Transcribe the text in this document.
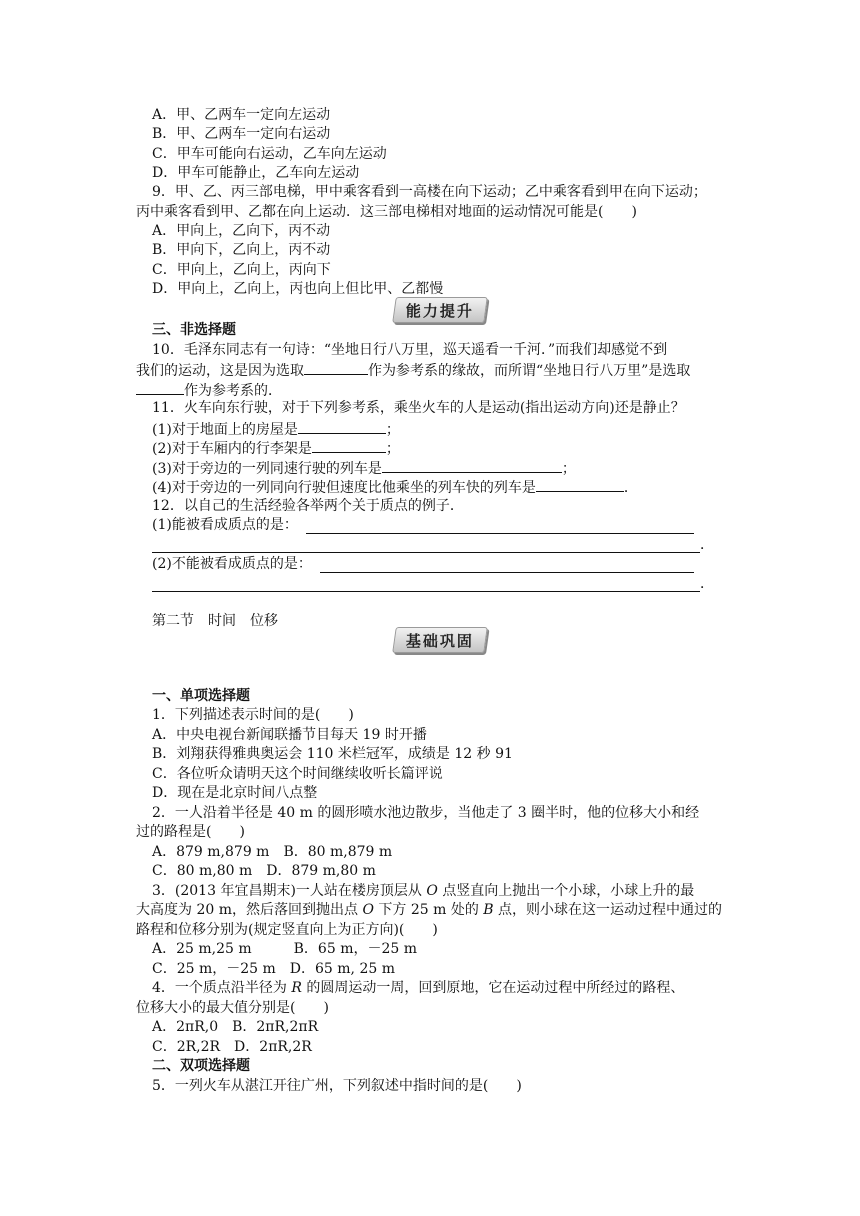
A．甲、乙两车一定向左运动
B．甲、乙两车一定向右运动
C．甲车可能向右运动，乙车向左运动
D．甲车可能静止，乙车向左运动
9．甲、乙、丙三部电梯，甲中乘客看到一高楼在向下运动；乙中乘客看到甲在向下运动；
丙中乘客看到甲、乙都在向上运动．这三部电梯相对地面的运动情况可能是(　　)
A．甲向上，乙向下，丙不动
B．甲向下，乙向上，丙不动
C．甲向上，乙向上，丙向下
D．甲向上，乙向上，丙也向上但比甲、乙都慢
能力提升
三、非选择题
10．毛泽东同志有一句诗：“坐地日行八万里，巡天遥看一千河．”而我们却感觉不到
我们的运动，这是因为选取	作为参考系的缘故，而所谓“坐地日行八万里”是选取
作为参考系的．
11．火车向东行驶，对于下列参考系，乘坐火车的人是运动(指出运动方向)还是静止？
(1)对于地面上的房屋是	；
(2)对于车厢内的行李架是	；
(3)对于旁边的一列同速行驶的列车是	；
(4)对于旁边的一列同向行驶但速度比他乘坐的列车快的列车是	．
12．以自己的生活经验各举两个关于质点的例子．
(1)能被看成质点的是：
．
(2)不能被看成质点的是：
．
第二节　时间　位移
基础巩固
一、单项选择题
1．下列描述表示时间的是(　　)
A．中央电视台新闻联播节目每天 19 时开播
B．刘翔获得雅典奥运会 110 米栏冠军，成绩是 12 秒 91
C．各位听众请明天这个时间继续收听长篇评说
D．现在是北京时间八点整
2．一人沿着半径是 40 m 的圆形喷水池边散步，当他走了 3 圈半时，他的位移大小和经
过的路程是(　　)
A．879 m,879 m　B．80 m,879 m
C．80 m,80 m　D．879 m,80 m
3．(2013 年宜昌期末)一人站在楼房顶层从 O 点竖直向上抛出一个小球，小球上升的最
大高度为 20 m，然后落回到抛出点 O 下方 25 m 处的 B 点，则小球在这一运动过程中通过的
路程和位移分别为(规定竖直向上为正方向)(　　)
A．25 m,25 m　　　B．65 m，－25 m
C．25 m，－25 m　D．65 m, 25 m
4．一个质点沿半径为 R 的圆周运动一周，回到原地，它在运动过程中所经过的路程、
位移大小的最大值分别是(　　)
A．2πR,0　B．2πR,2πR
C．2R,2R　D．2πR,2R
二、双项选择题
5．一列火车从湛江开往广州，下列叙述中指时间的是(　　)
